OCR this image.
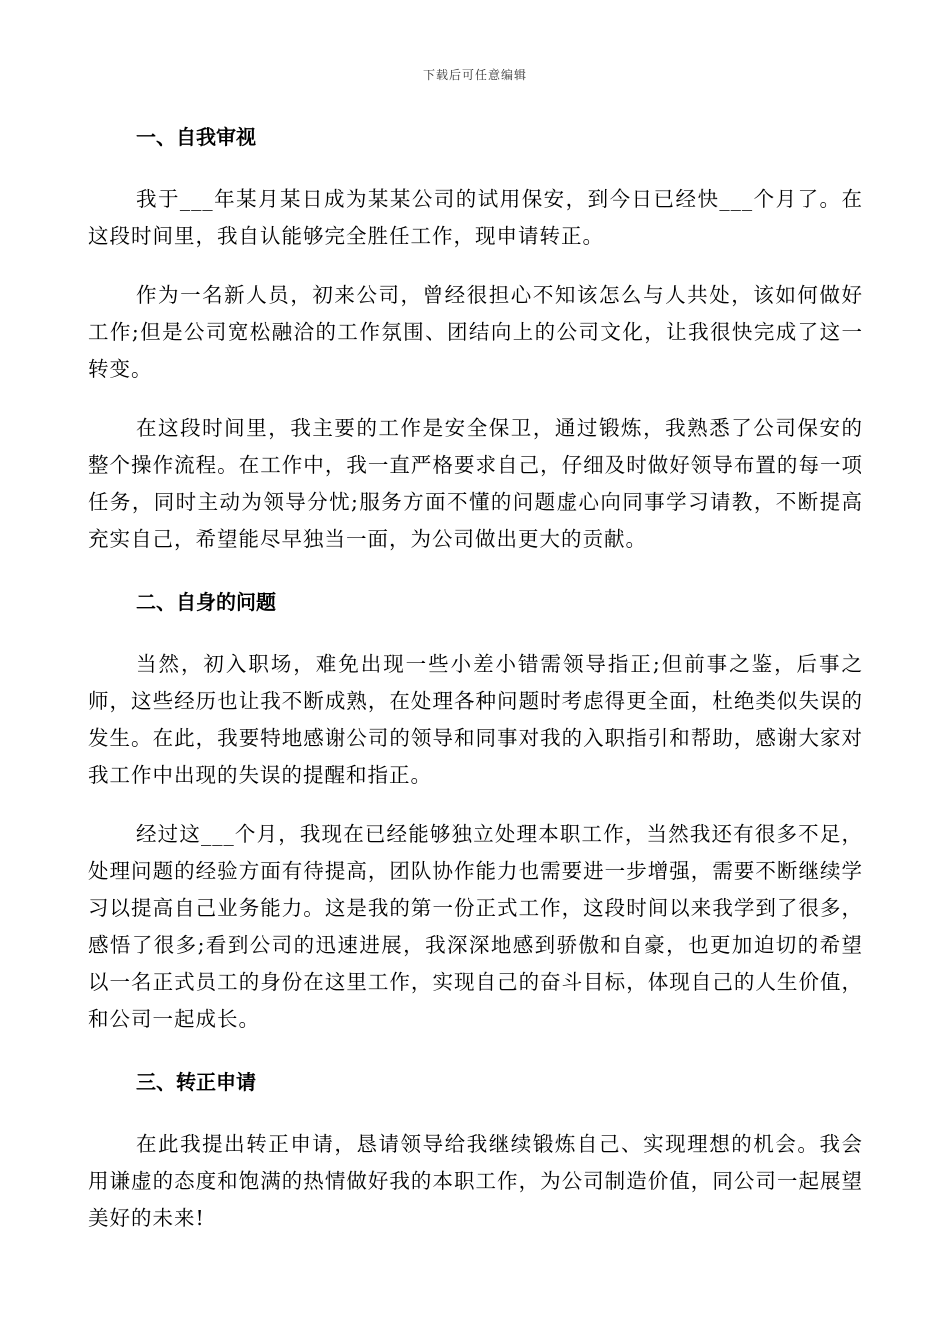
下载后可任意编辑
一、自我审视

我于___年某月某日成为某某公司的试用保安，到今日已经快___个月了。在这段时间里，我自认能够完全胜任工作，现申请转正。

作为一名新人员，初来公司，曾经很担心不知该怎么与人共处，该如何做好工作;但是公司宽松融洽的工作氛围、团结向上的公司文化，让我很快完成了这一转变。

在这段时间里，我主要的工作是安全保卫，通过锻炼，我熟悉了公司保安的整个操作流程。在工作中，我一直严格要求自己，仔细及时做好领导布置的每一项任务，同时主动为领导分忧;服务方面不懂的问题虚心向同事学习请教，不断提高充实自己，希望能尽早独当一面，为公司做出更大的贡献。

二、自身的问题

当然，初入职场，难免出现一些小差小错需领导指正;但前事之鉴，后事之师，这些经历也让我不断成熟，在处理各种问题时考虑得更全面，杜绝类似失误的发生。在此，我要特地感谢公司的领导和同事对我的入职指引和帮助，感谢大家对我工作中出现的失误的提醒和指正。

经过这___个月，我现在已经能够独立处理本职工作，当然我还有很多不足，处理问题的经验方面有待提高，团队协作能力也需要进一步增强，需要不断继续学习以提高自己业务能力。这是我的第一份正式工作，这段时间以来我学到了很多，感悟了很多;看到公司的迅速进展，我深深地感到骄傲和自豪，也更加迫切的希望以一名正式员工的身份在这里工作，实现自己的奋斗目标，体现自己的人生价值，和公司一起成长。

三、转正申请

在此我提出转正申请，恳请领导给我继续锻炼自己、实现理想的机会。我会用谦虚的态度和饱满的热情做好我的本职工作，为公司制造价值，同公司一起展望美好的未来!
